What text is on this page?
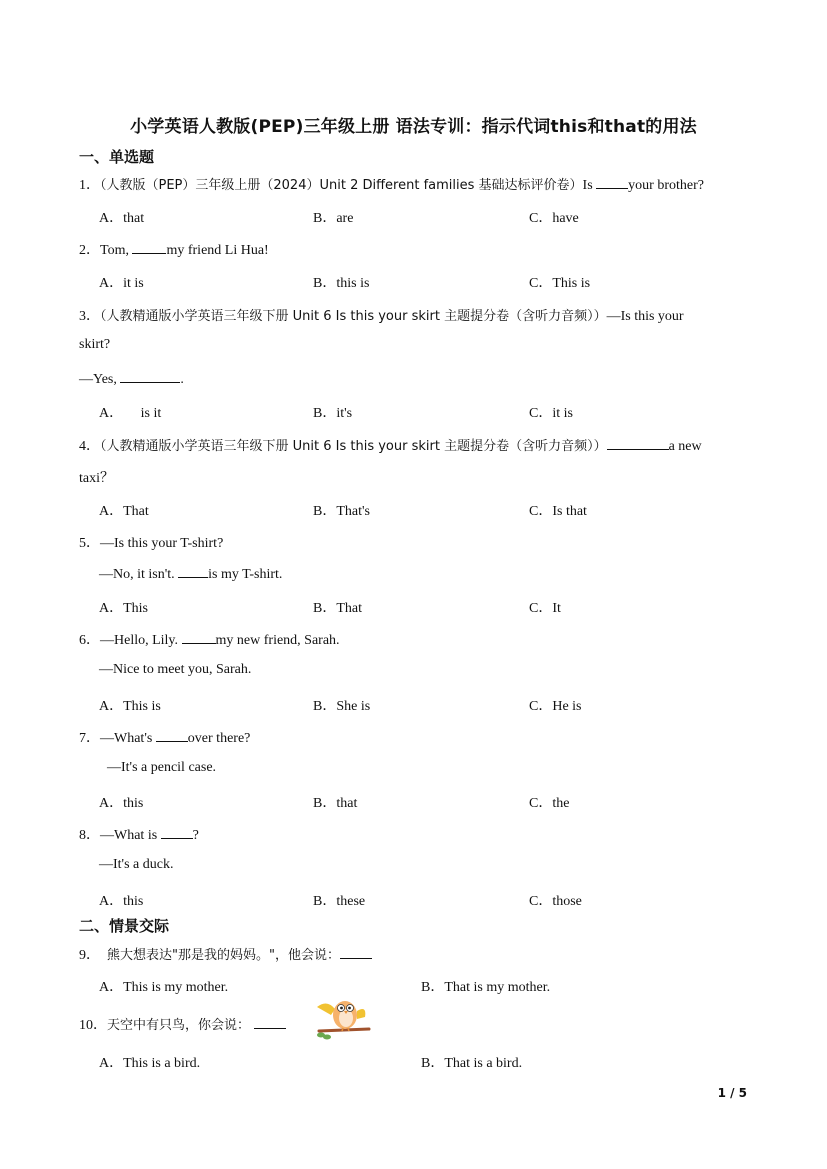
小学英语人教版(PEP)三年级上册 语法专训：指示代词this和that的用法
一、单选题
1．（人教版（PEP）三年级上册（2024）Unit 2 Different families 基础达标评价卷）Is your brother?
A．that	B．are	C．have
2．Tom, my friend Li Hua!
A．it is	B．this is	C．This is
3．（人教精通版小学英语三年级下册 Unit 6 Is this your skirt 主题提分卷（含听力音频））—Is this your
skirt?
—Yes,	.
A．     is it	B．it's	C．it is
4．（人教精通版小学英语三年级下册 Unit 6 Is this your skirt 主题提分卷（含听力音频））	a new
taxi？
A．That	B．That's	C．Is that
5．—Is this your T-shirt?
—No, it isn't. is my T-shirt.
A．This	B．That	C．It
6．—Hello, Lily. my new friend, Sarah.
—Nice to meet you, Sarah.
A．This is	B．She is	C．He is
7．—What's over there?
—It's a pencil case.
A．this	B．that	C．the
8．—What is ?
—It's a duck.
A．this	B．these	C．those
二、情景交际
9． 熊大想表达"那是我的妈妈。"，他会说：
A．This is my mother.	B．That is my mother.
10．天空中有只鸟，你会说：
A．This is a bird.	B．That is a bird.
1 / 5
